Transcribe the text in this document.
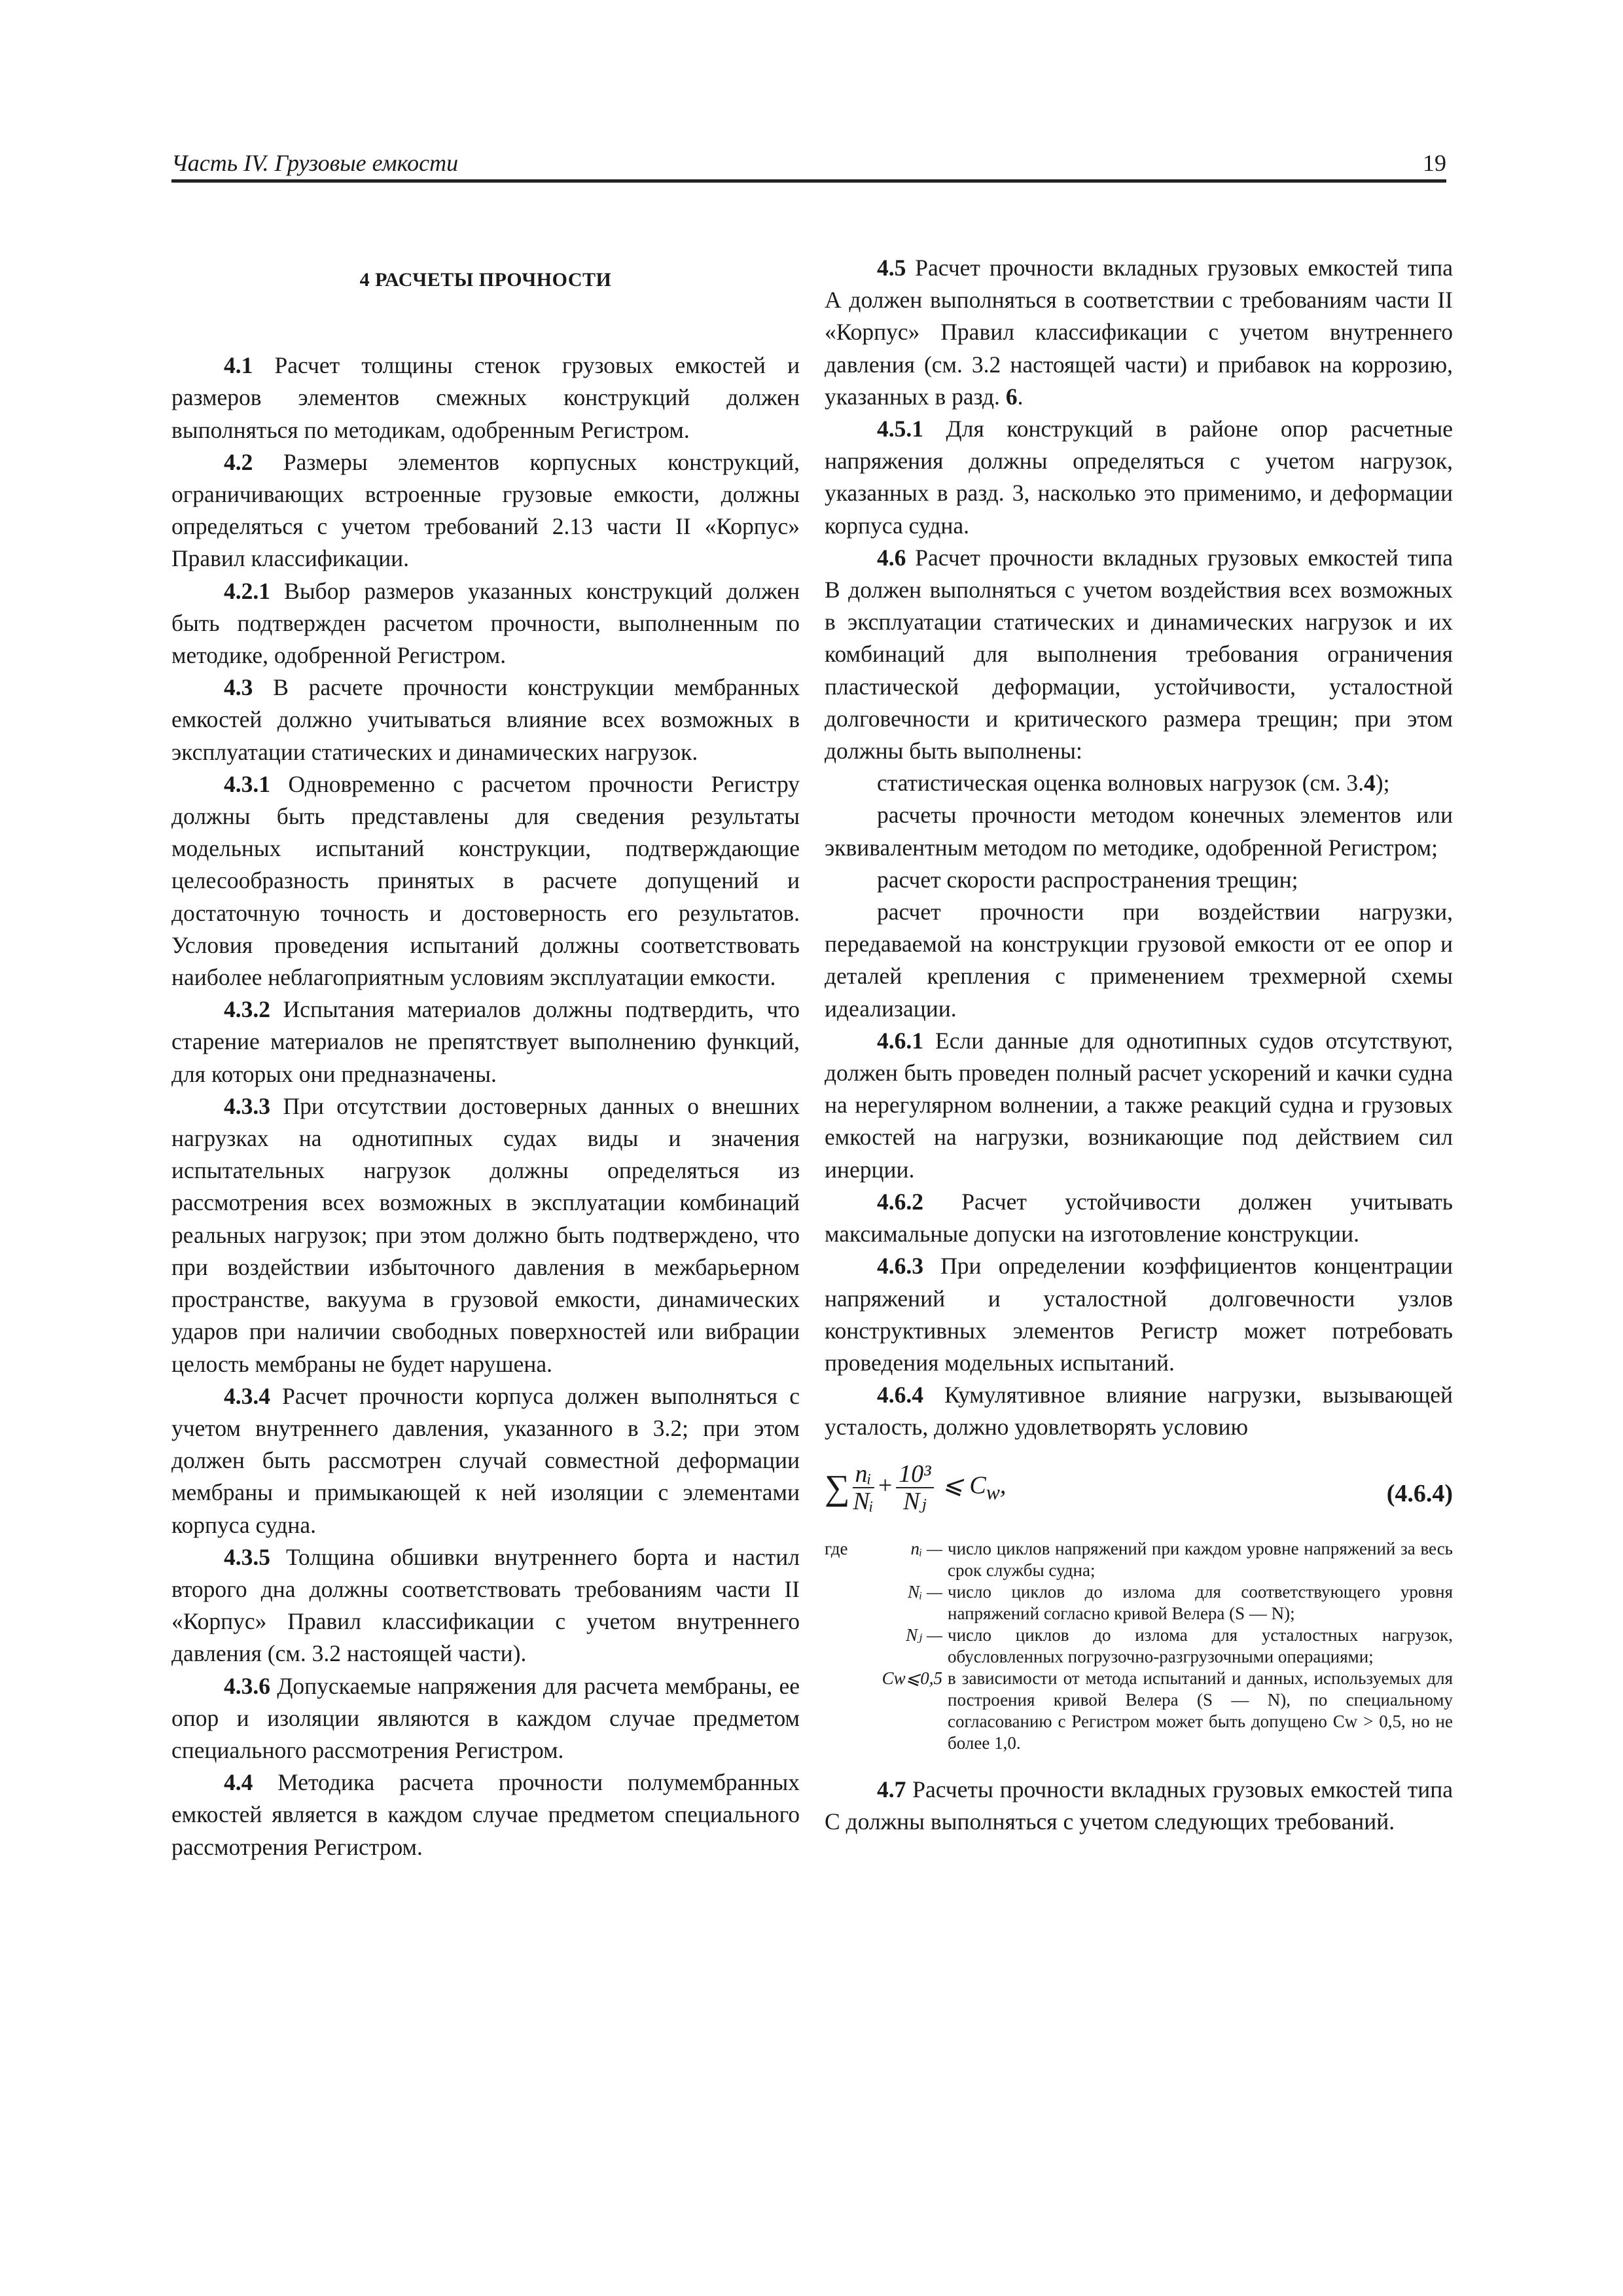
Часть IV. Грузовые емкости	19
4 РАСЧЕТЫ ПРОЧНОСТИ

4.1 Расчет толщины стенок грузовых емкостей и размеров элементов смежных конструкций должен выполняться по методикам, одобренным Регистром.

4.2 Размеры элементов корпусных конструкций, ограничивающих встроенные грузовые емкости, должны определяться с учетом требований 2.13 части II «Корпус» Правил классификации.

4.2.1 Выбор размеров указанных конструкций должен быть подтвержден расчетом прочности, выполненным по методике, одобренной Регистром.

4.3 В расчете прочности конструкции мембранных емкостей должно учитываться влияние всех возможных в эксплуатации статических и динамических нагрузок.

4.3.1 Одновременно с расчетом прочности Регистру должны быть представлены для сведения результаты модельных испытаний конструкции, подтверждающие целесообразность принятых в расчете допущений и достаточную точность и достоверность его результатов. Условия проведения испытаний должны соответствовать наиболее неблагоприятным условиям эксплуатации емкости.

4.3.2 Испытания материалов должны подтвердить, что старение материалов не препятствует выполнению функций, для которых они предназначены.

4.3.3 При отсутствии достоверных данных о внешних нагрузках на однотипных судах виды и значения испытательных нагрузок должны определяться из рассмотрения всех возможных в эксплуатации комбинаций реальных нагрузок; при этом должно быть подтверждено, что при воздействии избыточного давления в межбарьерном пространстве, вакуума в грузовой емкости, динамических ударов при наличии свободных поверхностей или вибрации целость мембраны не будет нарушена.

4.3.4 Расчет прочности корпуса должен выполняться с учетом внутреннего давления, указанного в 3.2; при этом должен быть рассмотрен случай совместной деформации мембраны и примыкающей к ней изоляции с элементами корпуса судна.

4.3.5 Толщина обшивки внутреннего борта и настил второго дна должны соответствовать требованиям части II «Корпус» Правил классификации с учетом внутреннего давления (см. 3.2 настоящей части).

4.3.6 Допускаемые напряжения для расчета мембраны, ее опор и изоляции являются в каждом случае предметом специального рассмотрения Регистром.

4.4 Методика расчета прочности полумембранных емкостей является в каждом случае предметом специального рассмотрения Регистром.

4.5 Расчет прочности вкладных грузовых емкостей типа А должен выполняться в соответствии с требованиям части II «Корпус» Правил классификации с учетом внутреннего давления (см. 3.2 настоящей части) и прибавок на коррозию, указанных в разд. 6.

4.5.1 Для конструкций в районе опор расчетные напряжения должны определяться с учетом нагрузок, указанных в разд. 3, насколько это применимо, и деформации корпуса судна.

4.6 Расчет прочности вкладных грузовых емкостей типа В должен выполняться с учетом воздействия всех возможных в эксплуатации статических и динамических нагрузок и их комбинаций для выполнения требования ограничения пластической деформации, устойчивости, усталостной долговечности и критического размера трещин; при этом должны быть выполнены:

статистическая оценка волновых нагрузок (см. 3.4);

расчеты прочности методом конечных элементов или эквивалентным методом по методике, одобренной Регистром;

расчет скорости распространения трещин;

расчет прочности при воздействии нагрузки, передаваемой на конструкции грузовой емкости от ее опор и деталей крепления с применением трехмерной схемы идеализации.

4.6.1 Если данные для однотипных судов отсутствуют, должен быть проведен полный расчет ускорений и качки судна на нерегулярном волнении, а также реакций судна и грузовых емкостей на нагрузки, возникающие под действием сил инерции.

4.6.2 Расчет устойчивости должен учитывать максимальные допуски на изготовление конструкции.

4.6.3 При определении коэффициентов концентрации напряжений и усталостной долговечности узлов конструктивных элементов Регистр может потребовать проведения модельных испытаний.

4.6.4 Кумулятивное влияние нагрузки, вызывающей усталость, должно удовлетворять условию

∑ $\frac{\text{nᵢ}}{\text{Nᵢ}} + \frac{\text{10³}}{\text{Nⱼ}}$ ⩽ $C_w$,	(4.6.4)
где	nᵢ — число циклов напряжений при каждом уровне напряжений за весь срок службы судна;
Nᵢ — число циклов до излома для соответствующего уровня напряжений согласно кривой Велера (S — N);
Nⱼ — число циклов до излома для усталостных нагрузок, обусловленных погрузочно-разгрузочными операциями;
Cw⩽0,5 в зависимости от метода испытаний и данных, используемых для построения кривой Велера (S — N), по специальному согласованию с Регистром может быть допущено Cw > 0,5, но не более 1,0.

4.7 Расчеты прочности вкладных грузовых емкостей типа С должны выполняться с учетом следующих требований.
